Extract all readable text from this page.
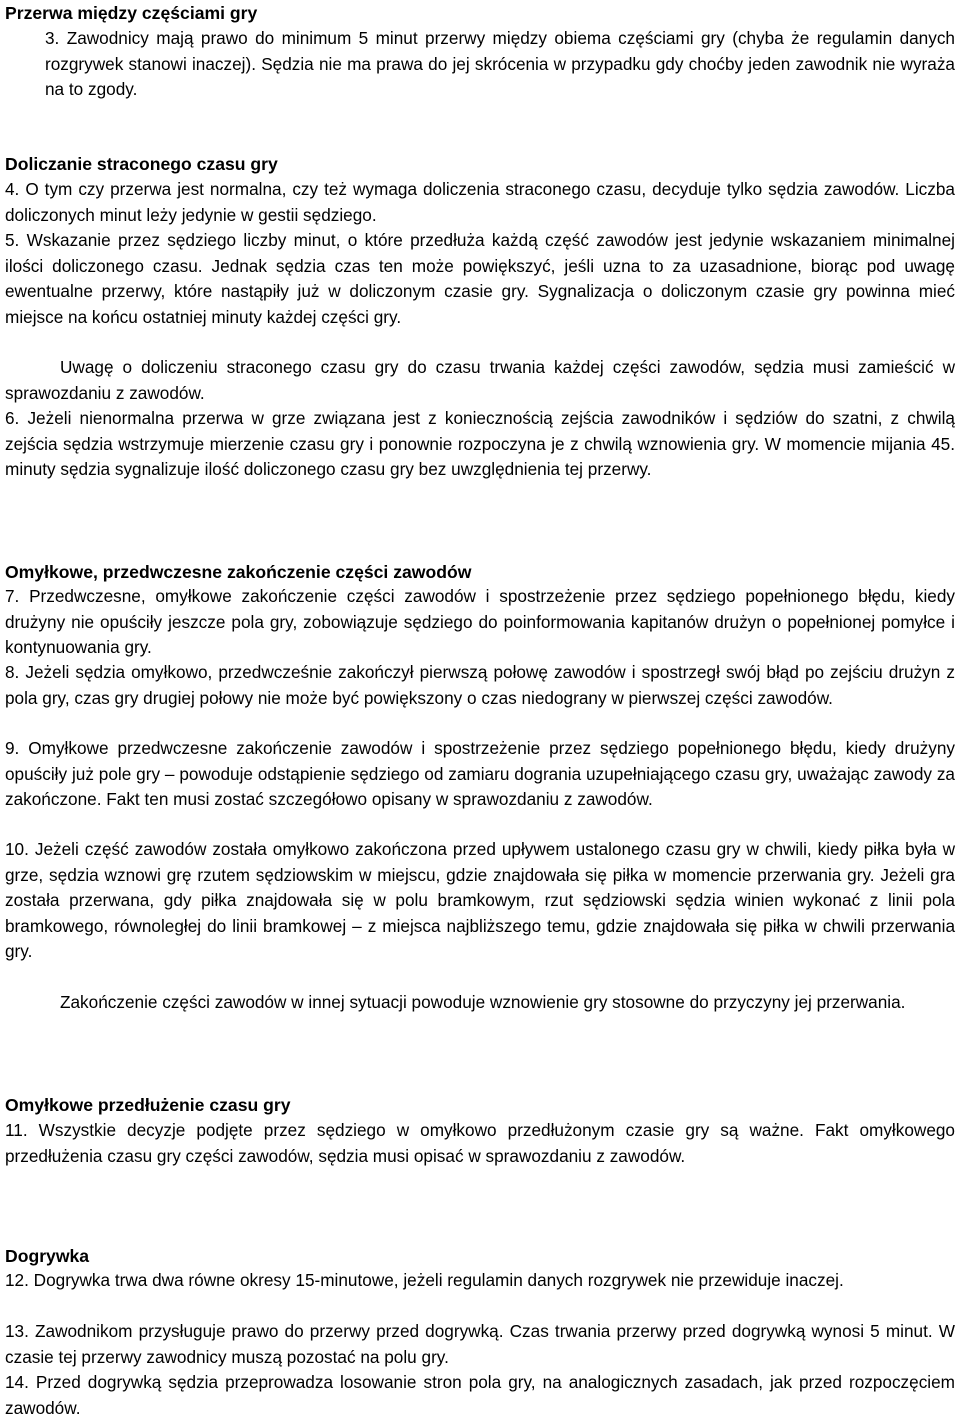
Przerwa między częściami gry
3. Zawodnicy mają prawo do minimum 5 minut przerwy między obiema częściami gry (chyba że regulamin danych rozgrywek stanowi inaczej). Sędzia nie ma prawa do jej skrócenia w przypadku gdy choćby jeden zawodnik nie wyraża na to zgody.
Doliczanie straconego czasu gry
4. O tym czy przerwa jest normalna, czy też wymaga doliczenia straconego czasu, decyduje tylko sędzia zawodów. Liczba doliczonych minut leży jedynie w gestii sędziego.
5. Wskazanie przez sędziego liczby minut, o które przedłuża każdą część zawodów jest jedynie wskazaniem minimalnej ilości doliczonego czasu. Jednak sędzia czas ten może powiększyć, jeśli uzna to za uzasadnione, biorąc pod uwagę ewentualne przerwy, które nastąpiły już w doliczonym czasie gry. Sygnalizacja o doliczonym czasie gry powinna mieć miejsce na końcu ostatniej minuty każdej części gry.
Uwagę o doliczeniu straconego czasu gry do czasu trwania każdej części zawodów, sędzia musi zamieścić w sprawozdaniu z zawodów.
6. Jeżeli nienormalna przerwa w grze związana jest z koniecznością zejścia zawodników i sędziów do szatni, z chwilą zejścia sędzia wstrzymuje mierzenie czasu gry i ponownie rozpoczyna je z chwilą wznowienia gry. W momencie mijania 45. minuty sędzia sygnalizuje ilość doliczonego czasu gry bez uwzględnienia tej przerwy.
Omyłkowe, przedwczesne zakończenie części zawodów
7. Przedwczesne, omyłkowe zakończenie części zawodów i spostrzeżenie przez sędziego popełnionego błędu, kiedy drużyny nie opuściły jeszcze pola gry, zobowiązuje sędziego do poinformowania kapitanów drużyn o popełnionej pomyłce i kontynuowania gry.
8. Jeżeli sędzia omyłkowo, przedwcześnie zakończył pierwszą połowę zawodów i spostrzegł swój błąd po zejściu drużyn z pola gry, czas gry drugiej połowy nie może być powiększony o czas niedograny w pierwszej części zawodów.
9. Omyłkowe przedwczesne zakończenie zawodów i spostrzeżenie przez sędziego popełnionego błędu, kiedy drużyny opuściły już pole gry – powoduje odstąpienie sędziego od zamiaru dogrania uzupełniającego czasu gry, uważając zawody za zakończone. Fakt ten musi zostać szczegółowo opisany w sprawozdaniu z zawodów.
10. Jeżeli część zawodów została omyłkowo zakończona przed upływem ustalonego czasu gry w chwili, kiedy piłka była w grze, sędzia wznowi grę rzutem sędziowskim w miejscu, gdzie znajdowała się piłka w momencie przerwania gry. Jeżeli gra została przerwana, gdy piłka znajdowała się w polu bramkowym, rzut sędziowski sędzia winien wykonać z linii pola bramkowego, równoległej do linii bramkowej – z miejsca najbliższego temu, gdzie znajdowała się piłka w chwili przerwania gry.
Zakończenie części zawodów w innej sytuacji powoduje wznowienie gry stosowne do przyczyny jej przerwania.
Omyłkowe przedłużenie czasu gry
11. Wszystkie decyzje podjęte przez sędziego w omyłkowo przedłużonym czasie gry są ważne. Fakt omyłkowego przedłużenia czasu gry części zawodów, sędzia musi opisać w sprawozdaniu z zawodów.
Dogrywka
12. Dogrywka trwa dwa równe okresy 15-minutowe, jeżeli regulamin danych rozgrywek nie przewiduje inaczej.
13. Zawodnikom przysługuje prawo do przerwy przed dogrywką. Czas trwania przerwy przed dogrywką wynosi 5 minut. W czasie tej przerwy zawodnicy muszą pozostać na polu gry.
14. Przed dogrywką sędzia przeprowadza losowanie stron pola gry, na analogicznych zasadach, jak przed rozpoczęciem zawodów.
